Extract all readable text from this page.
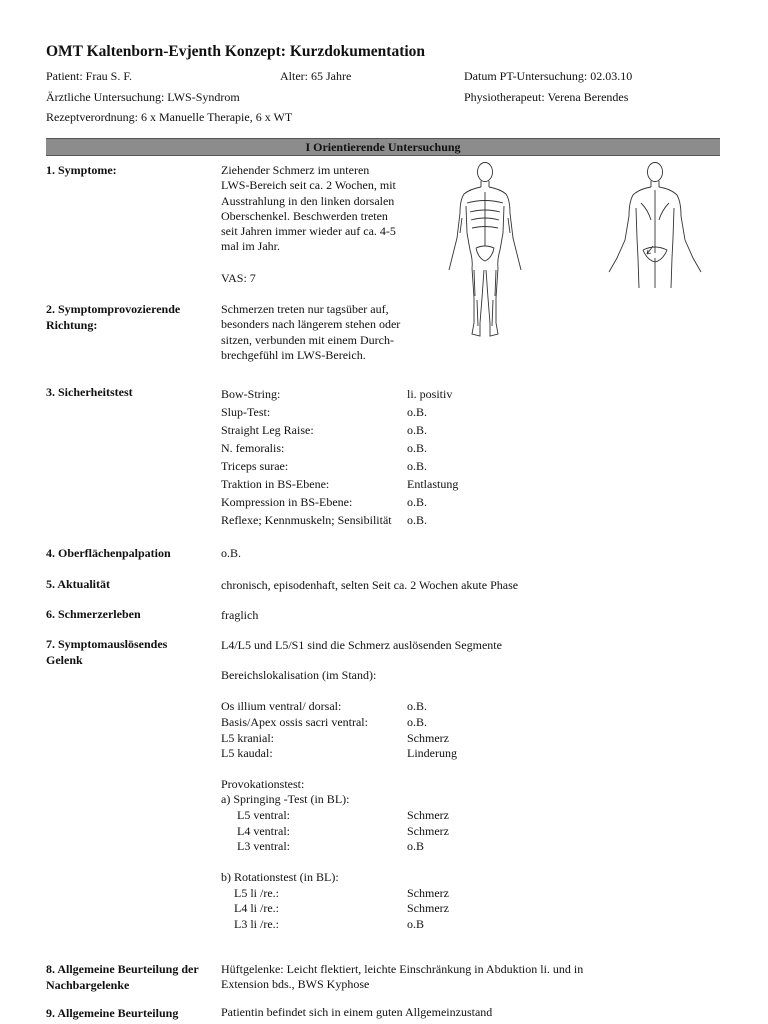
OMT Kaltenborn-Evjenth Konzept: Kurzdokumentation
Patient: Frau S. F.	Alter: 65 Jahre	Datum PT-Untersuchung: 02.03.10
Ärztliche Untersuchung: LWS-Syndrom	Physiotherapeut: Verena Berendes
Rezeptverordnung: 6 x Manuelle Therapie, 6 x WT
I Orientierende Untersuchung
1. Symptome:	Ziehender Schmerz im unteren
LWS-Bereich seit ca. 2 Wochen, mit
Ausstrahlung in den linken dorsalen
Oberschenkel. Beschwerden treten
seit Jahren immer wieder auf ca. 4-5
mal im Jahr.
VAS: 7
2. Symptomprovozierende Richtung:
Schmerzen treten nur tagsüber auf,
besonders nach längerem stehen oder
sitzen, verbunden mit einem Durch-
brechgefühl im LWS-Bereich.
3. Sicherheitstest	Bow-String:	li. positiv
Slup-Test:	o.B.
Straight Leg Raise:	o.B.
N. femoralis:	o.B.
Triceps surae:	o.B.
Traktion in BS-Ebene:	Entlastung
Kompression in BS-Ebene:	o.B.
Reflexe; Kennmuskeln; Sensibilität o.B.
4. Oberflächenpalpation	o.B.
5. Aktualität	chronisch, episodenhaft, selten Seit ca. 2 Wochen akute Phase
6. Schmerzerleben	fraglich
7. Symptomauslösendes Gelenk
L4/L5 und L5/S1 sind die Schmerz auslösenden Segmente
Bereichslokalisation (im Stand):
Os illium ventral/ dorsal:	o.B.
Basis/Apex ossis sacri ventral:	o.B.
L5 kranial:	Schmerz
L5 kaudal:	Linderung
Provokationstest:
a) Springing -Test (in BL):
L5 ventral:	Schmerz
L4 ventral:	Schmerz
L3 ventral:	o.B
b) Rotationstest (in BL):
L5 li /re.:	Schmerz
L4 li /re.:	Schmerz
L3 li /re.:	o.B
8. Allgemeine Beurteilung der Nachbargelenke
Hüftgelenke: Leicht flektiert, leichte Einschränkung in Abduktion li. und in
Extension bds., BWS Kyphose
9. Allgemeine Beurteilung	Patientin befindet sich in einem guten Allgemeinzustand
